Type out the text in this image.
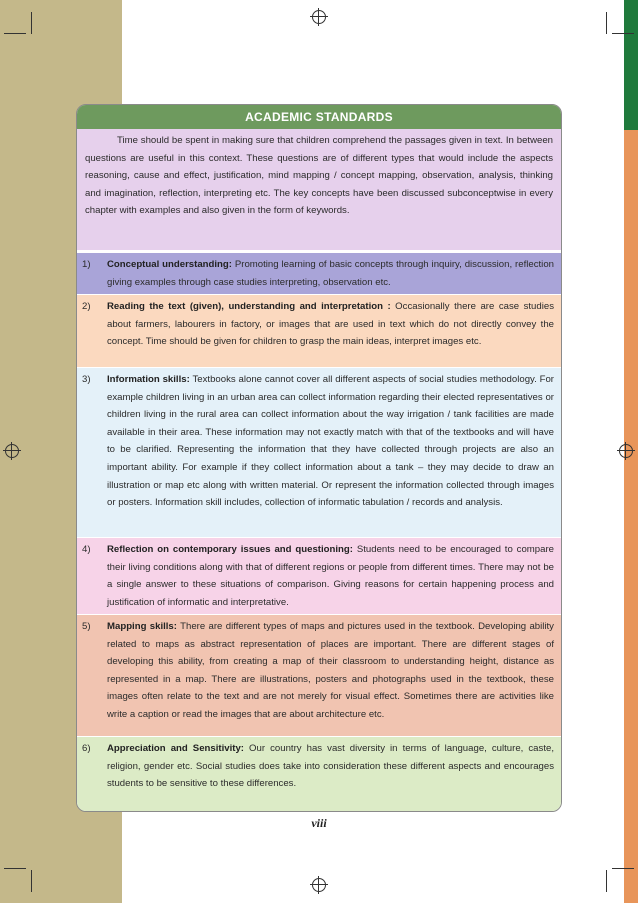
ACADEMIC STANDARDS

Time should be spent in making sure that children comprehend the passages given in text. In between questions are useful in this context. These questions are of different types that would include the aspects reasoning, cause and effect, justification, mind mapping / concept mapping, observation, analysis, thinking and imagination, reflection, interpreting etc. The key concepts have been discussed subconceptwise in every chapter with examples and also given in the form of keywords.

1) Conceptual understanding: Promoting learning of basic concepts through inquiry, discussion, reflection giving examples through case studies interpreting, observation etc.
2) Reading the text (given), understanding and interpretation : Occasionally there are case studies about farmers, labourers in factory, or images that are used in text which do not directly convey the concept. Time should be given for children to grasp the main ideas, interpret images etc.
3) Information skills: Textbooks alone cannot cover all different aspects of social studies methodology. For example children living in an urban area can collect information regarding their elected representatives or children living in the rural area can collect information about the way irrigation / tank facilities are made available in their area. These information may not exactly match with that of the textbooks and will have to be clarified. Representing the information that they have collected through projects are also an important ability. For example if they collect information about a tank – they may decide to draw an illustration or map etc along with written material. Or represent the information collected through images or posters. Information skill includes, collection of informatic tabulation / records and analysis.
4) Reflection on contemporary issues and questioning: Students need to be encouraged to compare their living conditions along with that of different regions or people from different times. There may not be a single answer to these situations of comparison. Giving reasons for certain happening process and justification of informatic and interpretative.
5) Mapping skills: There are different types of maps and pictures used in the textbook. Developing ability related to maps as abstract representation of places are important. There are different stages of developing this ability, from creating a map of their classroom to understanding height, distance as represented in a map. There are illustrations, posters and photographs used in the textbook, these images often relate to the text and are not merely for visual effect. Sometimes there are activities like write a caption or read the images that are about architecture etc.
6) Appreciation and Sensitivity: Our country has vast diversity in terms of language, culture, caste, religion, gender etc. Social studies does take into consideration these different aspects and encourages students to be sensitive to these differences.
viii
